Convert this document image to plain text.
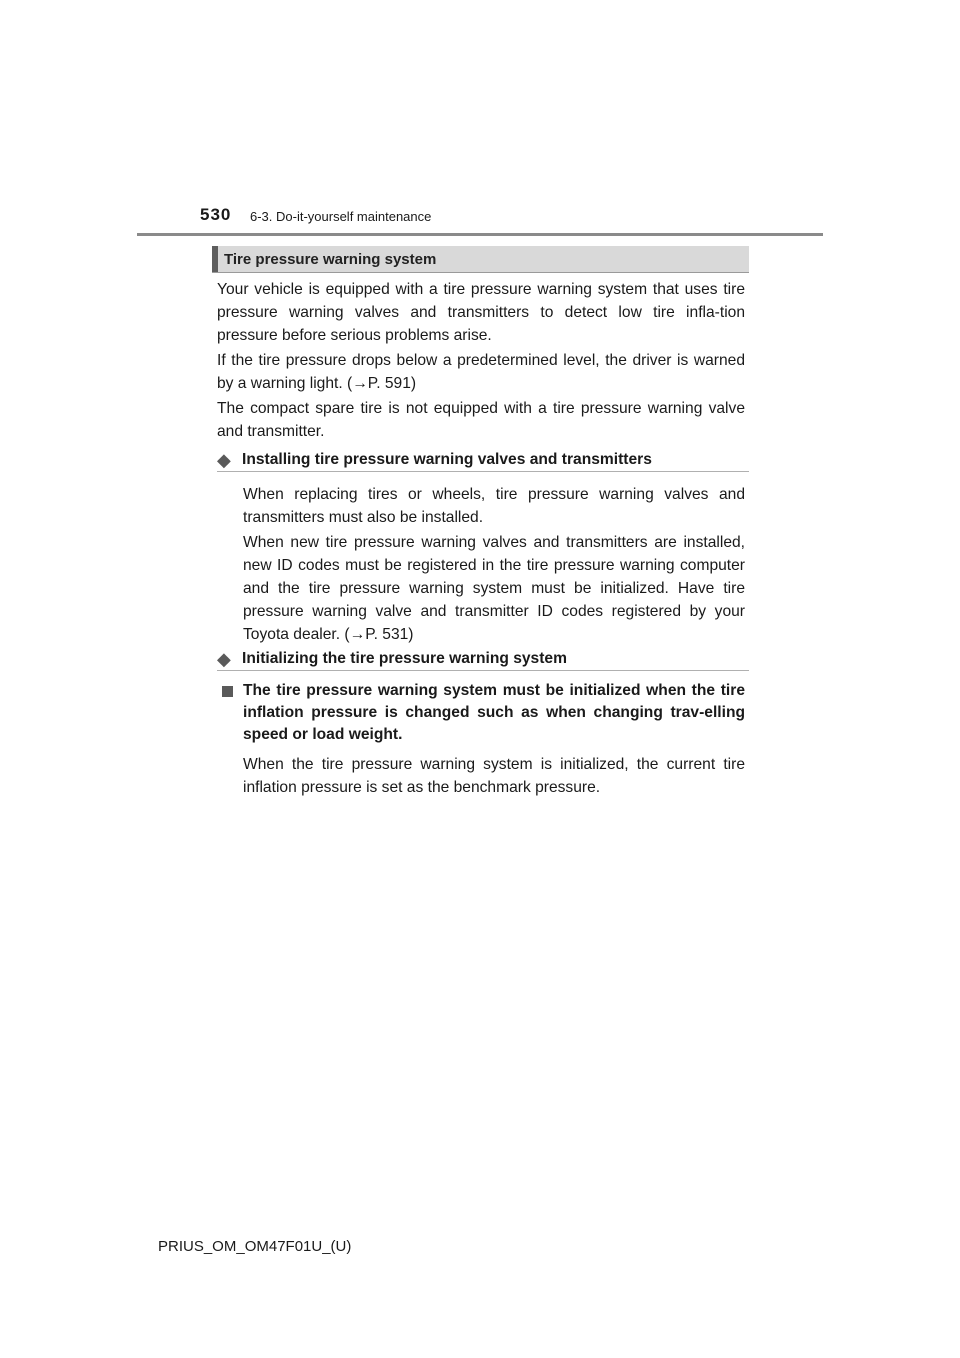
530 6-3. Do-it-yourself maintenance
Tire pressure warning system

Your vehicle is equipped with a tire pressure warning system that uses tire pressure warning valves and transmitters to detect low tire infla-tion pressure before serious problems arise.

If the tire pressure drops below a predetermined level, the driver is warned by a warning light. (→P. 591)

The compact spare tire is not equipped with a tire pressure warning valve and transmitter.

◆ Installing tire pressure warning valves and transmitters

When replacing tires or wheels, tire pressure warning valves and transmitters must also be installed.

When new tire pressure warning valves and transmitters are installed, new ID codes must be registered in the tire pressure warning computer and the tire pressure warning system must be initialized. Have tire pressure warning valve and transmitter ID codes registered by your Toyota dealer. (→P. 531)

◆ Initializing the tire pressure warning system

The tire pressure warning system must be initialized when the tire inflation pressure is changed such as when changing trav-elling speed or load weight.

When the tire pressure warning system is initialized, the current tire inflation pressure is set as the benchmark pressure.

PRIUS_OM_OM47F01U_(U)
